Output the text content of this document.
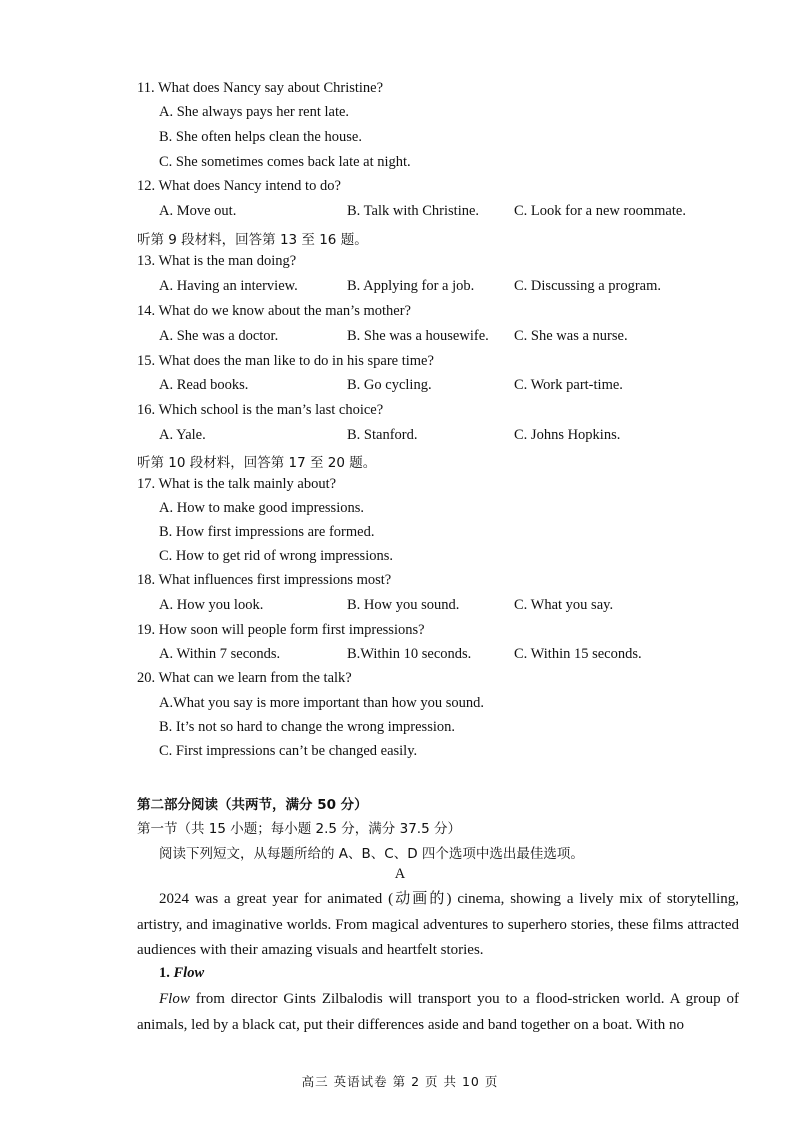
11. What does Nancy say about Christine?
A. She always pays her rent late.
B. She often helps clean the house.
C. She sometimes comes back late at night.
12. What does Nancy intend to do?
A. Move out.	B. Talk with Christine. C. Look for a new roommate.
听第 9 段材料，回答第 13 至 16 题。
13. What is the man doing?
A. Having an interview.	B. Applying for a job.	C. Discussing a program.
14. What do we know about the man’s mother?
A. She was a doctor.	B. She was a housewife. C. She was a nurse.
15. What does the man like to do in his spare time?
A. Read books.	B. Go cycling.	C. Work part-time.
16. Which school is the man’s last choice?
A. Yale.	B. Stanford.	C. Johns Hopkins.
听第 10 段材料，回答第 17 至 20 题。
17. What is the talk mainly about?
A. How to make good impressions.
B. How first impressions are formed.
C. How to get rid of wrong impressions.
18. What influences first impressions most?
A. How you look.	B. How you sound.	C. What you say.
19. How soon will people form first impressions?
A. Within 7 seconds.	B.Within 10 seconds.	C. Within 15 seconds.
20. What can we learn from the talk?
A.What you say is more important than how you sound.
B. It’s not so hard to change the wrong impression.
C. First impressions can’t be changed easily.
第二部分阅读（共两节，满分 50 分）
第一节（共 15 小题；每小题 2.5 分，满分 37.5 分）
阅读下列短文，从每题所给的 A、B、C、D 四个选项中选出最佳选项。
A
2024 was a great year for animated (动画的) cinema, showing a lively mix of storytelling, artistry, and imaginative worlds. From magical adventures to superhero stories, these films attracted audiences with their amazing visuals and heartfelt stories.
1. Flow
Flow from director Gints Zilbalodis will transport you to a flood-stricken world. A group of animals, led by a black cat, put their differences aside and band together on a boat. With no
高三 英语试卷 第 2 页 共 10 页
